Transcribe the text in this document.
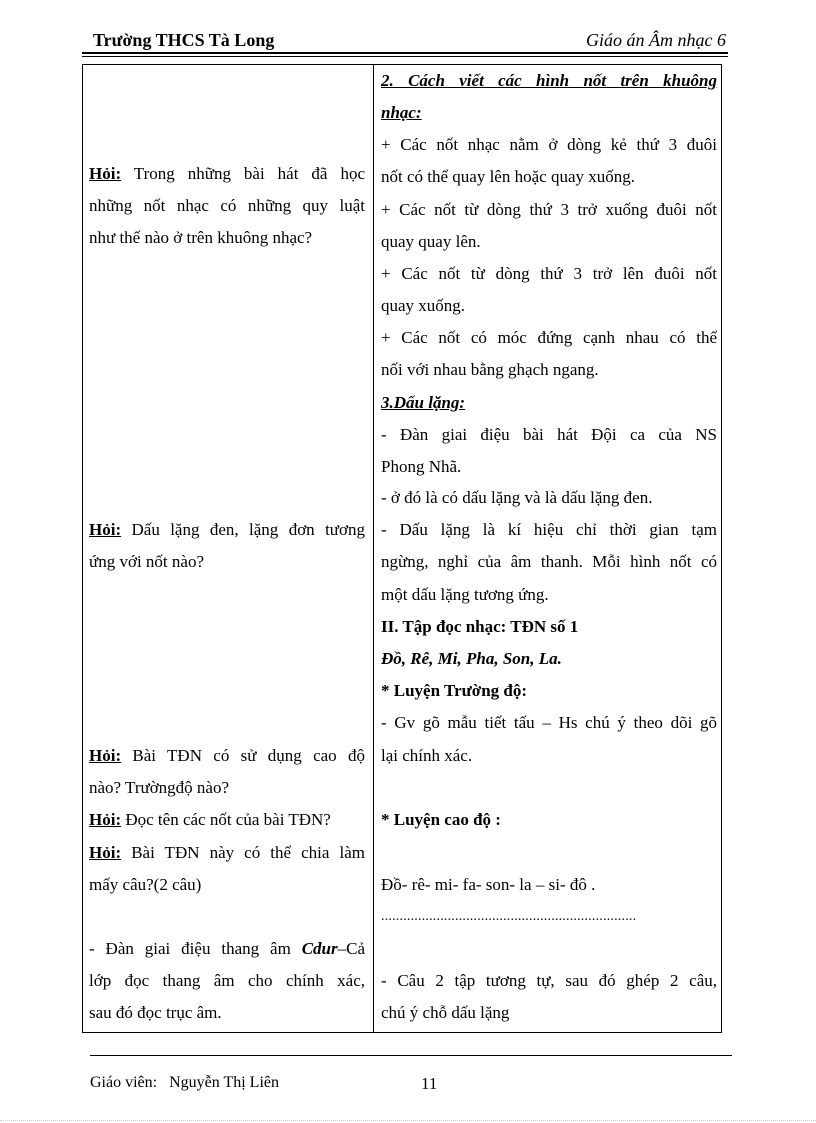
Trường THCS Tà Long	Giáo án Âm nhạc 6
Hỏi: Trong những bài hát đã học
những nốt nhạc có những quy luật
như thế nào ở trên khuông nhạc?
Hỏi: Dấu lặng đen, lặng đơn tương
ứng với nốt nào?
Hỏi: Bài TĐN có sử dụng cao độ
nào? Trườngđộ nào?
Hỏi: Đọc tên các nốt của bài TĐN?
Hỏi: Bài TĐN này có thể chia làm
mấy câu?(2 câu)
- Đàn giai điệu thang âm Cdur–Cả
lớp đọc thang âm cho chính xác,
sau đó đọc trục âm.
2. Cách viết các hình nốt trên khuông
nhạc:
+ Các nốt nhạc nằm ở dòng kẻ thứ 3 đuôi
nốt có thể quay lên hoặc quay xuống.
+ Các nốt từ dòng thứ 3 trở xuống đuôi nốt
quay quay lên.
+ Các nốt từ dòng thứ 3 trở lên đuôi nốt
quay xuống.
+ Các nốt có móc đứng cạnh nhau có thể
nối với nhau bằng ghạch ngang.
3.Dấu lặng:
- Đàn giai điệu bài hát Đội ca của NS
Phong Nhã.
- ở đó là có dấu lặng và là dấu lặng đen.
- Dấu lặng là kí hiệu chỉ thời gian tạm
ngừng, nghỉ của âm thanh. Mỗi hình nốt có
một dấu lặng tương ứng.
II. Tập đọc nhạc: TĐN số 1
Đồ, Rê, Mi, Pha, Son, La.
* Luyện Trường độ:
- Gv gõ mẫu tiết tấu – Hs chú ý theo dõi gõ
lại chính xác.
* Luyện cao độ :
Đồ- rê- mi- fa- son- la – si- đô .
.....................................................................
- Câu 2 tập tương tự, sau đó ghép 2 câu,
chú ý chỗ dấu lặng
Giáo viên: Nguyễn Thị Liên	11
